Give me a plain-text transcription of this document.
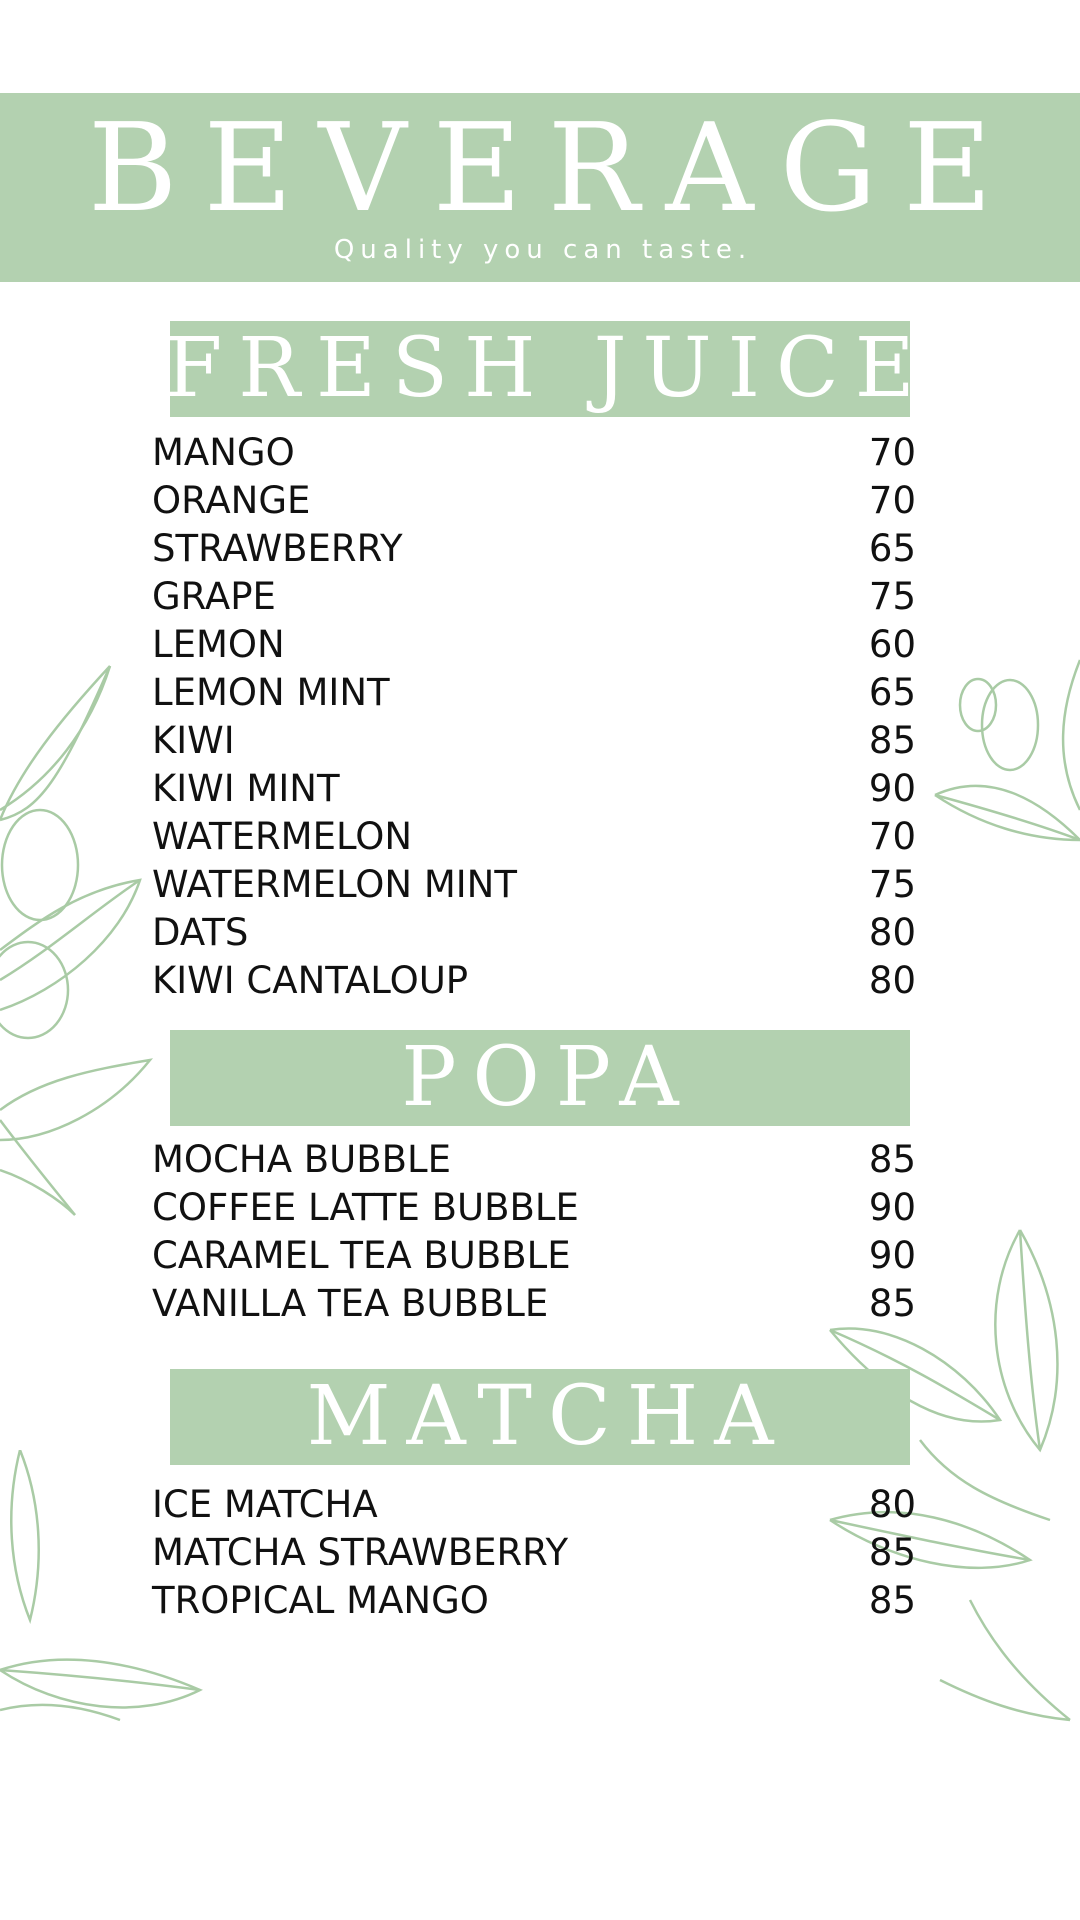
BEVERAGE
Quality you can taste.
FRESH JUICE
MANGO	70
ORANGE	70
STRAWBERRY	65
GRAPE	75
LEMON	60
LEMON MINT	65
KIWI	85
KIWI MINT	90
WATERMELON	70
WATERMELON MINT	75
DATS	80
KIWI CANTALOUP	80
POPA
MOCHA BUBBLE	85
COFFEE LATTE BUBBLE	90
CARAMEL TEA BUBBLE	90
VANILLA TEA BUBBLE	85
MATCHA
ICE MATCHA	80
MATCHA STRAWBERRY	85
TROPICAL MANGO	85
